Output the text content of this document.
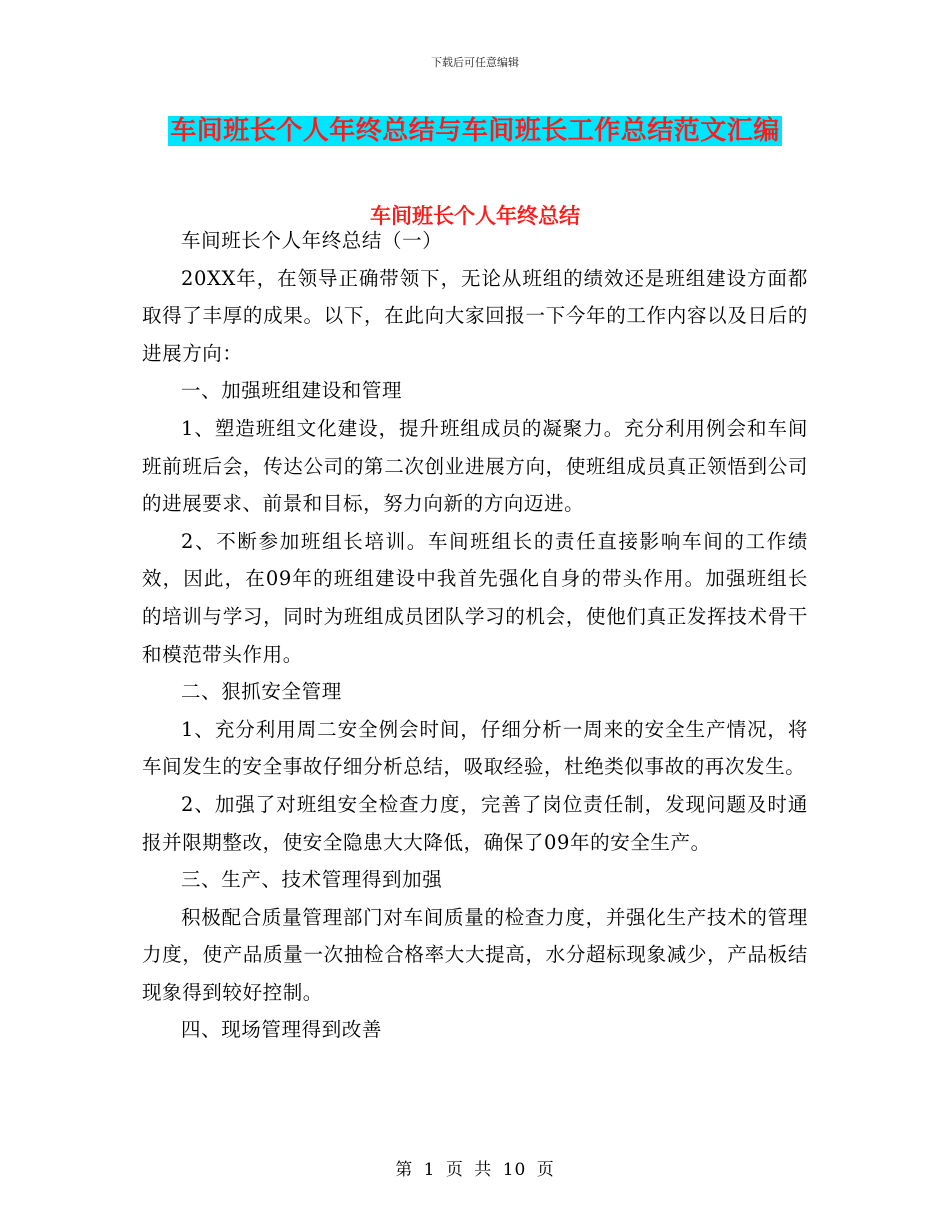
下载后可任意编辑
车间班长个人年终总结与车间班长工作总结范文汇编
车间班长个人年终总结

车间班长个人年终总结（一）

20XX年，在领导正确带领下，无论从班组的绩效还是班组建设方面都取得了丰厚的成果。以下，在此向大家回报一下今年的工作内容以及日后的进展方向：

一、加强班组建设和管理

1、塑造班组文化建设，提升班组成员的凝聚力。充分利用例会和车间班前班后会，传达公司的第二次创业进展方向，使班组成员真正领悟到公司的进展要求、前景和目标，努力向新的方向迈进。

2、不断参加班组长培训。车间班组长的责任直接影响车间的工作绩效，因此，在09年的班组建设中我首先强化自身的带头作用。加强班组长的培训与学习，同时为班组成员团队学习的机会，使他们真正发挥技术骨干和模范带头作用。

二、狠抓安全管理

1、充分利用周二安全例会时间，仔细分析一周来的安全生产情况，将车间发生的安全事故仔细分析总结，吸取经验，杜绝类似事故的再次发生。

2、加强了对班组安全检查力度，完善了岗位责任制，发现问题及时通报并限期整改，使安全隐患大大降低，确保了09年的安全生产。

三、生产、技术管理得到加强

积极配合质量管理部门对车间质量的检查力度，并强化生产技术的管理力度，使产品质量一次抽检合格率大大提高，水分超标现象减少，产品板结现象得到较好控制。

四、现场管理得到改善

第 1 页 共 10 页
